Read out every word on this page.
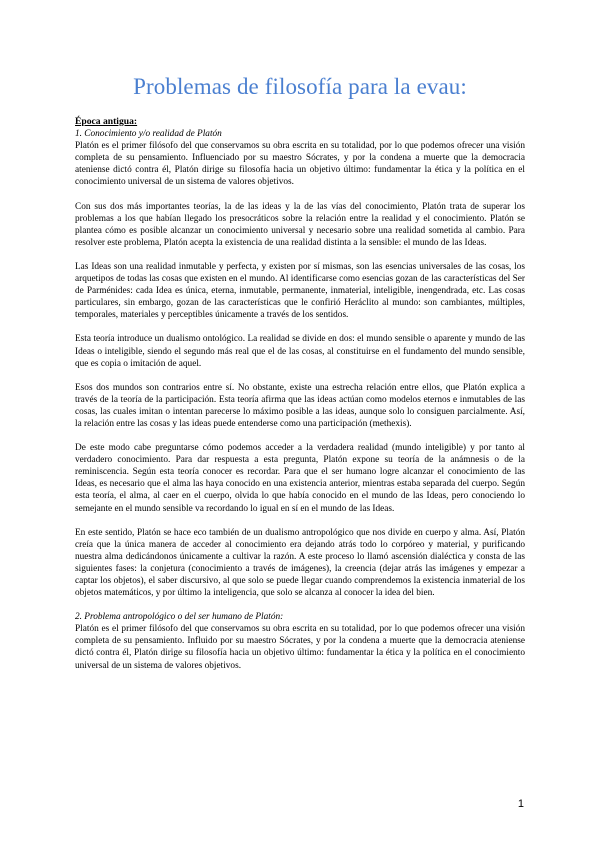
Problemas de filosofía para la evau:

Época antigua:

1. Conocimiento y/o realidad de Platón

Platón es el primer filósofo del que conservamos su obra escrita en su totalidad, por lo que podemos ofrecer una visión completa de su pensamiento. Influenciado por su maestro Sócrates, y por la condena a muerte que la democracia ateniense dictó contra él, Platón dirige su filosofía hacia un objetivo último: fundamentar la ética y la política en el conocimiento universal de un sistema de valores objetivos.

Con sus dos más importantes teorías, la de las ideas y la de las vías del conocimiento, Platón trata de superar los problemas a los que habían llegado los presocráticos sobre la relación entre la realidad y el conocimiento. Platón se plantea cómo es posible alcanzar un conocimiento universal y necesario sobre una realidad sometida al cambio. Para resolver este problema, Platón acepta la existencia de una realidad distinta a la sensible: el mundo de las Ideas.

Las Ideas son una realidad inmutable y perfecta, y existen por sí mismas, son las esencias universales de las cosas, los arquetipos de todas las cosas que existen en el mundo. Al identificarse como esencias gozan de las características del Ser de Parménides: cada Idea es única, eterna, inmutable, permanente, inmaterial, inteligible, inengendrada, etc. Las cosas particulares, sin embargo, gozan de las características que le confirió Heráclito al mundo: son cambiantes, múltiples, temporales, materiales y perceptibles únicamente a través de los sentidos.

Esta teoría introduce un dualismo ontológico. La realidad se divide en dos: el mundo sensible o aparente y mundo de las Ideas o inteligible, siendo el segundo más real que el de las cosas, al constituirse en el fundamento del mundo sensible, que es copia o imitación de aquel.

Esos dos mundos son contrarios entre sí. No obstante, existe una estrecha relación entre ellos, que Platón explica a través de la teoría de la participación. Esta teoría afirma que las ideas actúan como modelos eternos e inmutables de las cosas, las cuales imitan o intentan parecerse lo máximo posible a las ideas, aunque solo lo consiguen parcialmente. Así, la relación entre las cosas y las ideas puede entenderse como una participación (methexis).

De este modo cabe preguntarse cómo podemos acceder a la verdadera realidad (mundo inteligible) y por tanto al verdadero conocimiento. Para dar respuesta a esta pregunta, Platón expone su teoría de la anámnesis o de la reminiscencia. Según esta teoría conocer es recordar. Para que el ser humano logre alcanzar el conocimiento de las Ideas, es necesario que el alma las haya conocido en una existencia anterior, mientras estaba separada del cuerpo. Según esta teoría, el alma, al caer en el cuerpo, olvida lo que había conocido en el mundo de las Ideas, pero conociendo lo semejante en el mundo sensible va recordando lo igual en sí en el mundo de las Ideas.

En este sentido, Platón se hace eco también de un dualismo antropológico que nos divide en cuerpo y alma. Así, Platón creía que la única manera de acceder al conocimiento era dejando atrás todo lo corpóreo y material, y purificando nuestra alma dedicándonos únicamente a cultivar la razón. A este proceso lo llamó ascensión dialéctica y consta de las siguientes fases: la conjetura (conocimiento a través de imágenes), la creencia (dejar atrás las imágenes y empezar a captar los objetos), el saber discursivo, al que solo se puede llegar cuando comprendemos la existencia inmaterial de los objetos matemáticos, y por último la inteligencia, que solo se alcanza al conocer la idea del bien.

2. Problema antropológico o del ser humano de Platón:

Platón es el primer filósofo del que conservamos su obra escrita en su totalidad, por lo que podemos ofrecer una visión completa de su pensamiento. Influido por su maestro Sócrates, y por la condena a muerte que la democracia ateniense dictó contra él, Platón dirige su filosofía hacia un objetivo último: fundamentar la ética y la política en el conocimiento universal de un sistema de valores objetivos.

1
